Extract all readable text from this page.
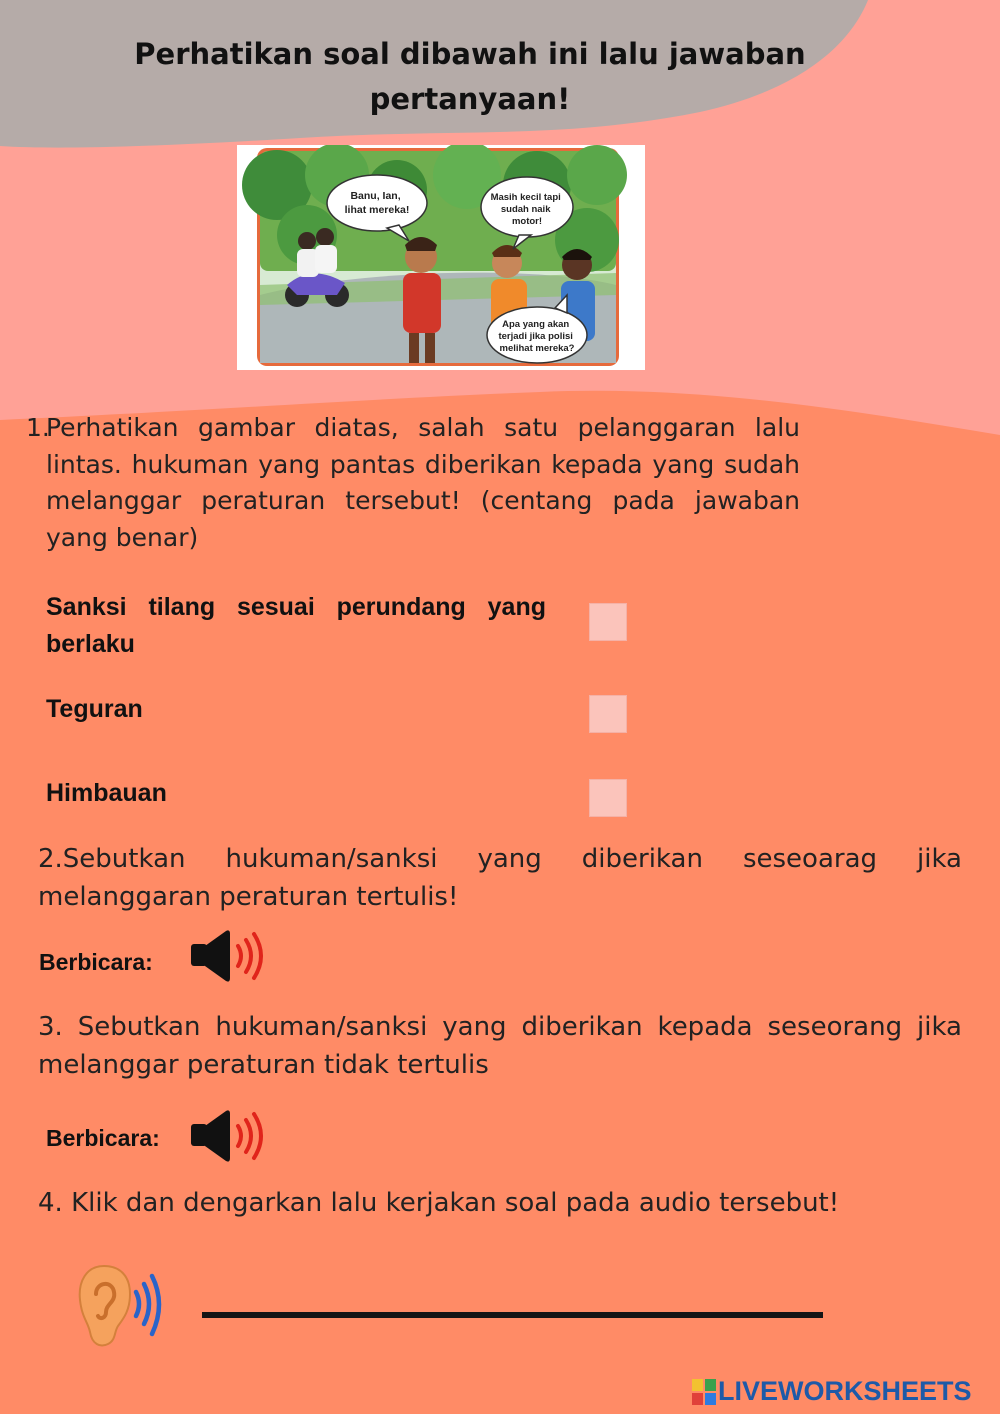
Perhatikan soal dibawah ini lalu jawaban pertanyaan!
Banu, Ian, lihat mereka!
Masih kecil tapi sudah naik motor!
Apa yang akan terjadi jika polisi melihat mereka?
1.
Perhatikan gambar diatas, salah satu pelanggaran lalu lintas. hukuman yang pantas diberikan kepada yang sudah melanggar peraturan tersebut! (centang pada jawaban yang benar)
Sanksi tilang sesuai perundang yang berlaku
Teguran
Himbauan
2.Sebutkan hukuman/sanksi yang diberikan seseoarag jika melanggaran peraturan tertulis!
Berbicara:
3. Sebutkan hukuman/sanksi yang diberikan kepada seseorang jika melanggar peraturan tidak tertulis
Berbicara:
4. Klik dan dengarkan lalu kerjakan soal pada audio tersebut!
LIVEWORKSHEETS
